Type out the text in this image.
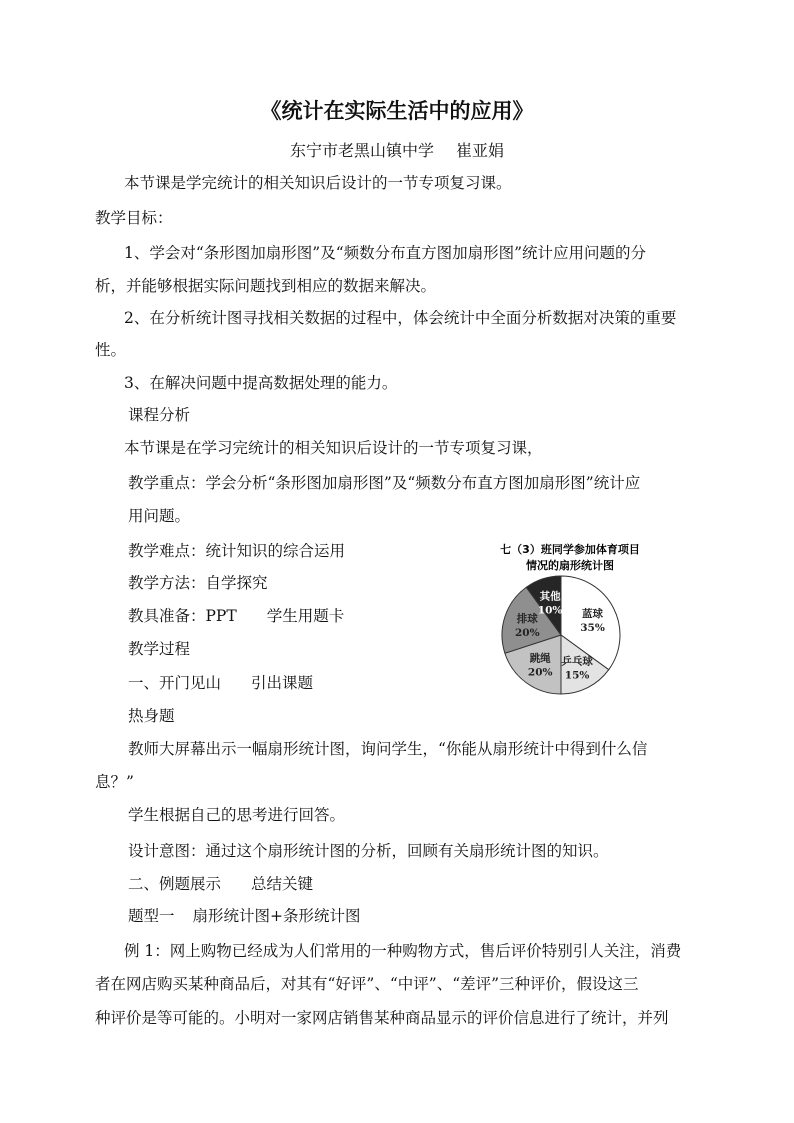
《统计在实际生活中的应用》
东宁市老黑山镇中学 崔亚娟
本节课是学完统计的相关知识后设计的一节专项复习课。
教学目标：
1、学会对“条形图加扇形图”及“频数分布直方图加扇形图”统计应用问题的分
析，并能够根据实际问题找到相应的数据来解决。
2、在分析统计图寻找相关数据的过程中，体会统计中全面分析数据对决策的重要
性。
3、在解决问题中提高数据处理的能力。
课程分析
本节课是在学习完统计的相关知识后设计的一节专项复习课，
教学重点：学会分析“条形图加扇形图”及“频数分布直方图加扇形图”统计应
用问题。
教学难点：统计知识的综合运用
教学方法：自学探究
教具准备：PPT 学生用题卡
教学过程
一、开门见山 引出课题
热身题
教师大屏幕出示一幅扇形统计图，询问学生，“你能从扇形统计中得到什么信
息？”
学生根据自己的思考进行回答。
设计意图：通过这个扇形统计图的分析，回顾有关扇形统计图的知识。
二、例题展示 总结关键
题型一 扇形统计图+条形统计图
例 1：网上购物已经成为人们常用的一种购物方式，售后评价特别引人关注，消费
者在网店购买某种商品后，对其有“好评”、“中评”、“差评”三种评价，假设这三
种评价是等可能的。小明对一家网店销售某种商品显示的评价信息进行了统计，并列
七（3）班同学参加体育项目
情况的扇形统计图
蓝球
35%
乒乓球
15%
跳绳
20%
排球
20%
其他
10%
